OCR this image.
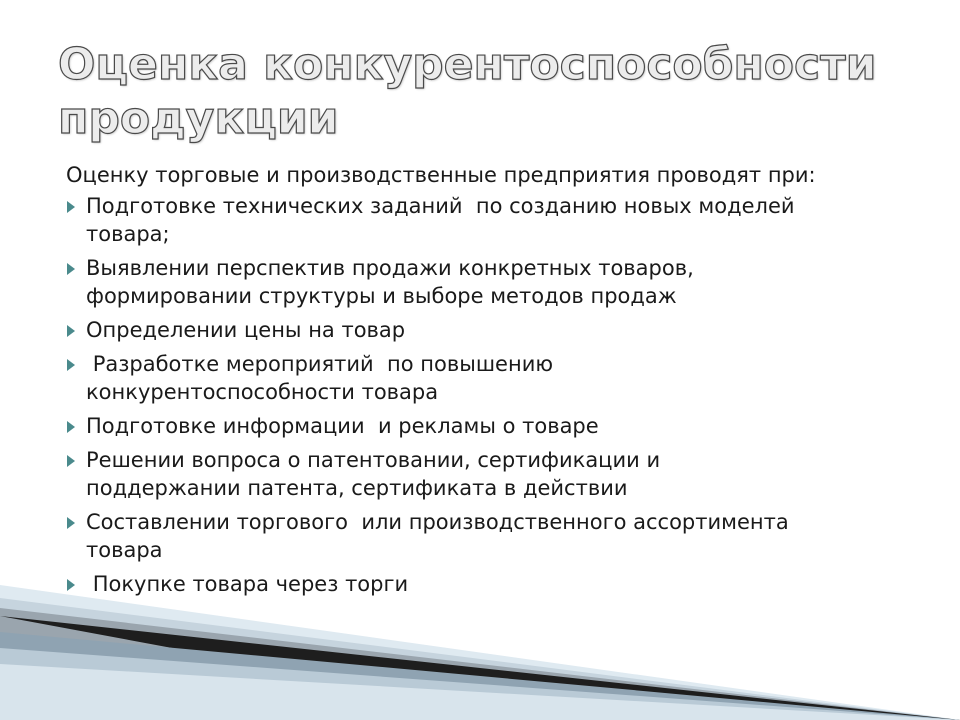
Оценка конкурентоспособности
продукции

Оценку торговые и производственные предприятия проводят при:

Подготовке технических заданий  по созданию новых моделей
товара;
Выявлении перспектив продажи конкретных товаров,
формировании структуры и выборе методов продаж
Определении цены на товар
Разработке мероприятий  по повышению
конкурентоспособности товара
Подготовке информации  и рекламы о товаре
Решении вопроса о патентовании, сертификации и
поддержании патента, сертификата в действии
Составлении торгового  или производственного ассортимента
товара
Покупке товара через торги
